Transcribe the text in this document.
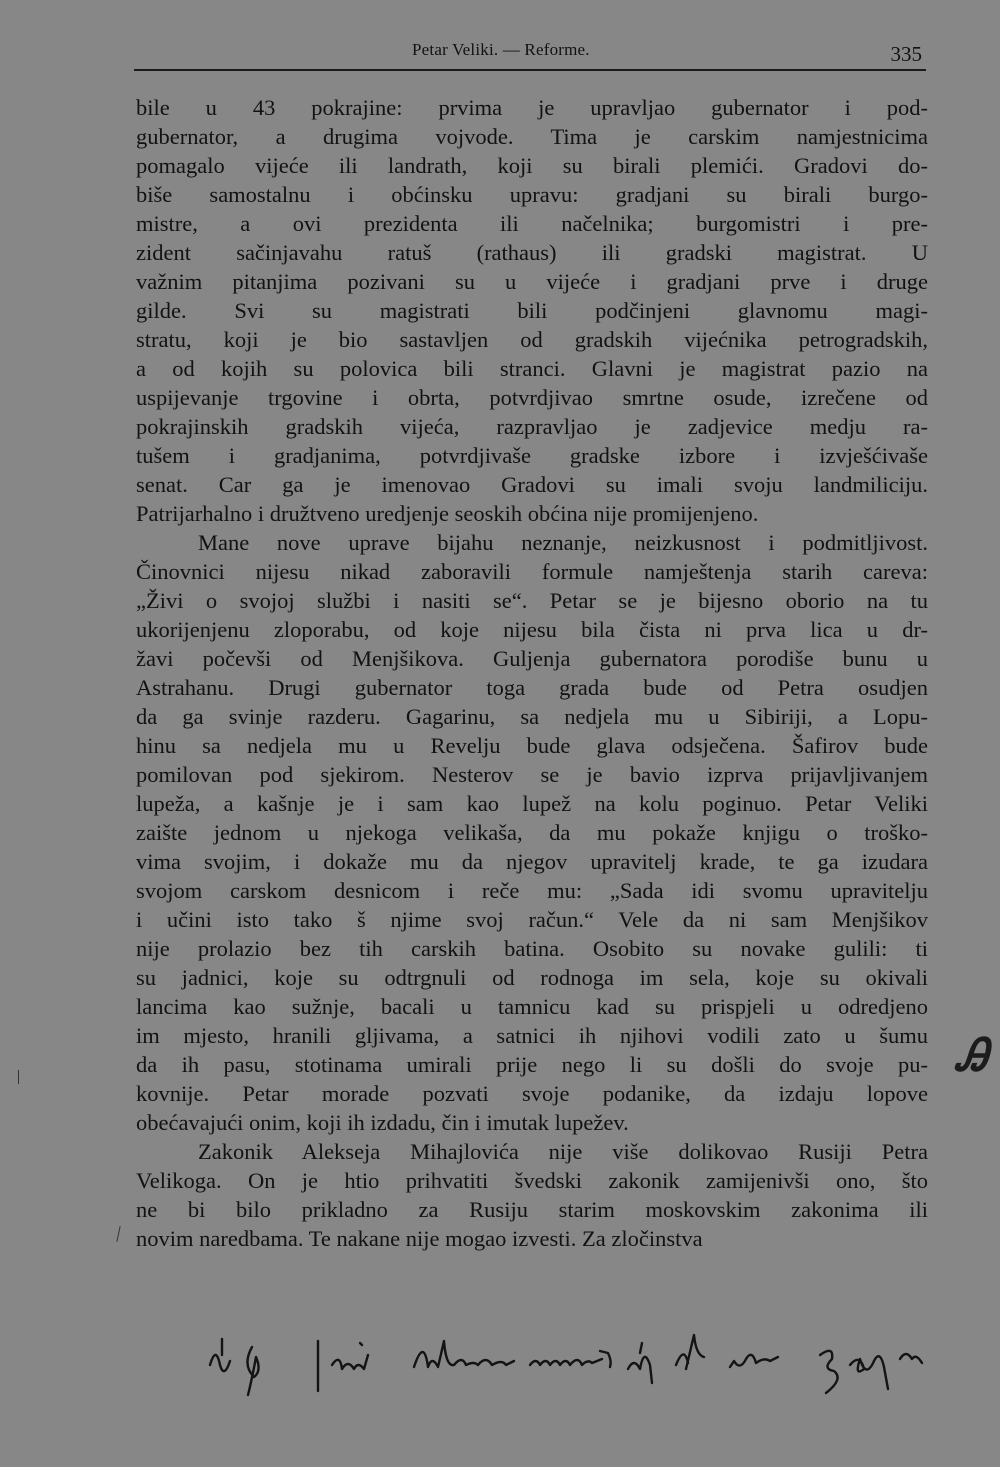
Petar Veliki. — Reforme.	335
bile u 43 pokrajine: prvima je upravljao gubernator i pod-
gubernator, a drugima vojvode. Tima je carskim namjestnicima
pomagalo vijeće ili landrath, koji su birali plemići. Gradovi do-
biše samostalnu i obćinsku upravu: gradjani su birali burgo-
mistre, a ovi prezidenta ili načelnika; burgomistri i pre-
zident sačinjavahu ratuš (rathaus) ili gradski magistrat. U
važnim pitanjima pozivani su u vijeće i gradjani prve i druge
gilde. Svi su magistrati bili podčinjeni glavnomu magi-
stratu, koji je bio sastavljen od gradskih vijećnika petrogradskih,
a od kojih su polovica bili stranci. Glavni je magistrat pazio na
uspijevanje trgovine i obrta, potvrdjivao smrtne osude, izrečene od
pokrajinskih gradskih vijeća, razpravljao je zadjevice medju ra-
tušem i gradjanima, potvrdjivaše gradske izbore i izvješćivaše
senat. Car ga je imenovao Gradovi su imali svoju landmiliciju.
Patrijarhalno i družtveno uredjenje seoskih obćina nije promijenjeno.
Mane nove uprave bijahu neznanje, neizkusnost i podmitljivost.
Činovnici nijesu nikad zaboravili formule namještenja starih careva:
„Živi o svojoj službi i nasiti se“. Petar se je bijesno oborio na tu
ukorijenjenu zloporabu, od koje nijesu bila čista ni prva lica u dr-
žavi počevši od Menjšikova. Guljenja gubernatora porodiše bunu u
Astrahanu. Drugi gubernator toga grada bude od Petra osudjen
da ga svinje razderu. Gagarinu, sa nedjela mu u Sibiriji, a Lopu-
hinu sa nedjela mu u Revelju bude glava odsječena. Šafirov bude
pomilovan pod sjekirom. Nesterov se je bavio izprva prijavljivanjem
lupeža, a kašnje je i sam kao lupež na kolu poginuo. Petar Veliki
zaište jednom u njekoga velikaša, da mu pokaže knjigu o troško-
vima svojim, i dokaže mu da njegov upravitelj krade, te ga izudara
svojom carskom desnicom i reče mu: „Sada idi svomu upravitelju
i učini isto tako š njime svoj račun.“ Vele da ni sam Menjšikov
nije prolazio bez tih carskih batina. Osobito su novake gulili: ti
su jadnici, koje su odtrgnuli od rodnoga im sela, koje su okivali
lancima kao sužnje, bacali u tamnicu kad su prispjeli u odredjeno
im mjesto, hranili gljivama, a satnici ih njihovi vodili zato u šumu
da ih pasu, stotinama umirali prije nego li su došli do svoje pu-
kovnije. Petar morade pozvati svoje podanike, da izdaju lopove
obećavajući onim, koji ih izdadu, čin i imutak lupežev.
Zakonik Alekseja Mihajlovića nije više dolikovao Rusiji Petra
Velikoga. On je htio prihvatiti švedski zakonik zamijenivši ono, što
ne bi bilo prikladno za Rusiju starim moskovskim zakonima ili
novim naredbama. Te nakane nije mogao izvesti. Za zločinstva
Ꭿ
